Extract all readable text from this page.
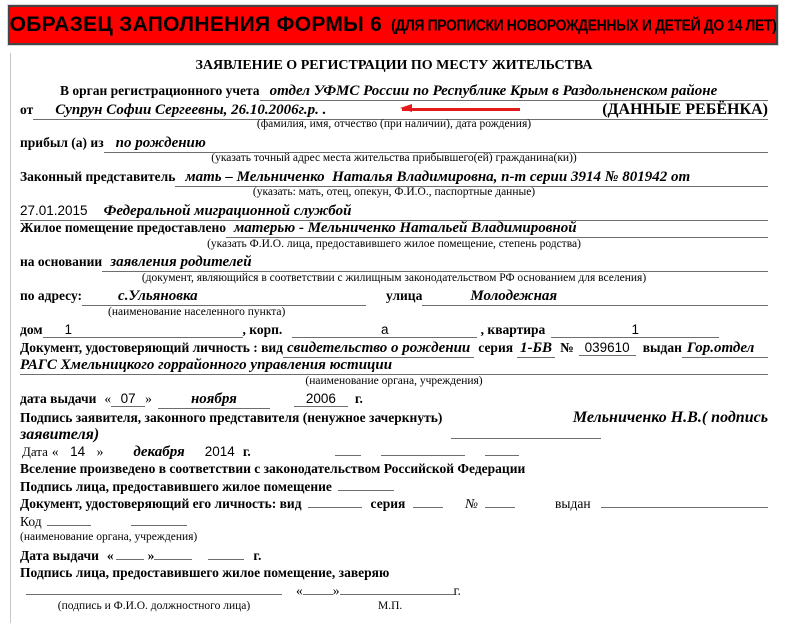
ОБРАЗЕЦ ЗАПОЛНЕНИЯ ФОРМЫ 6 (ДЛЯ ПРОПИСКИ НОВОРОЖДЕННЫХ И ДЕТЕЙ ДО 14 ЛЕТ)
ЗАЯВЛЕНИЕ О РЕГИСТРАЦИИ ПО МЕСТУ ЖИТЕЛЬСТВА
В орган регистрационного учета отдел УФМС России по Республике Крым в Раздольненском районе
от Супрун Софии Сергеевны, 26.10.2006г.р. .	(ДАННЫЕ РЕБЁНКА)
(фамилия, имя, отчество (при наличии), дата рождения)
прибыл (а) из по рождению
(указать точный адрес места жительства прибывшего(ей) гражданина(ки))
Законный представитель мать – Мельниченко  Наталья Владимировна, п-т серии 3914 № 801942 от
(указать: мать, отец, опекун, Ф.И.О., паспортные данные)
27.01.2015	Федеральной миграционной службой
Жилое помещение предоставлено матерью - Мельниченко Натальей Владимировной
(указать Ф.И.О. лица, предоставившего жилое помещение, степень родства)
на основании заявления родителей
(документ, являющийся в соответствии с жилищным законодательством РФ основанием для вселения)
по адресу:	с.Ульяновка	улица	Молодежная
(наименование населенного пункта)
дом	1	, корп.	а	, квартира	1
Документ, удостоверяющий личность : вид свидетельство о рождении серия 1-БВ № 039610 выдан Гор.отдел
РАГС Хмельницкого горрайонного управления юстиции
(наименование органа, учреждения)
дата выдачи « 07 »	ноября	2006	г.
Подпись заявителя, законного представителя (ненужное зачеркнуть)	Мельниченко Н.В.( подпись
заявителя)
Дата « 14 »	декабря	2014 г.
Вселение произведено в соответствии с законодательством Российской Федерации
Подпись лица, предоставившего жилое помещение
Документ, удостоверяющий его личность: вид	серия	№	выдан
Код
(наименование органа, учреждения)
Дата выдачи «	»	г.
Подпись лица, предоставившего жилое помещение, заверяю
« »	г.
(подпись и Ф.И.О. должностного лица)	М.П.
